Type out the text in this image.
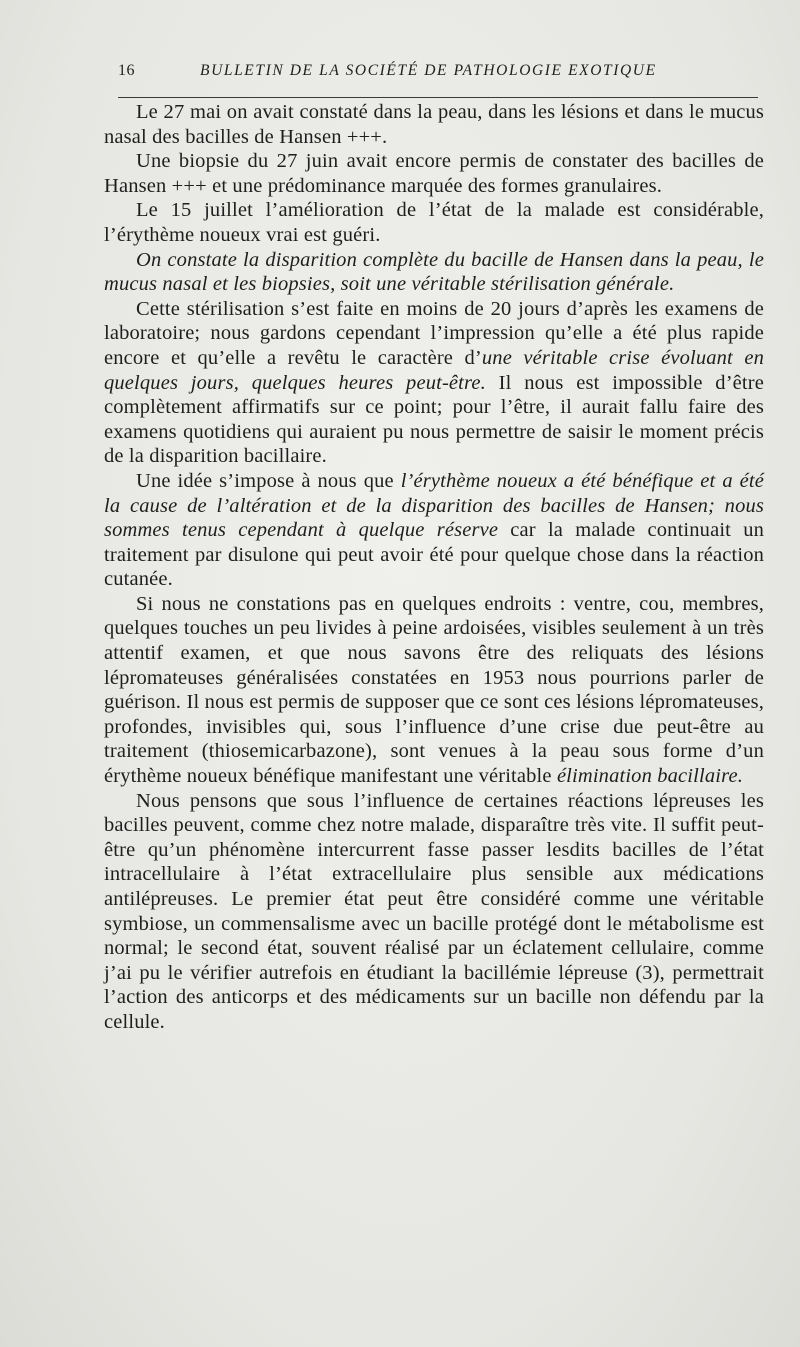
16	BULLETIN DE LA SOCIÉTÉ DE PATHOLOGIE EXOTIQUE

Le 27 mai on avait constaté dans la peau, dans les lésions et dans le mucus nasal des bacilles de Hansen +++.

Une biopsie du 27 juin avait encore permis de constater des bacilles de Hansen +++ et une prédominance marquée des formes granulaires.

Le 15 juillet l’amélioration de l’état de la malade est considérable, l’érythème noueux vrai est guéri.

On constate la disparition complète du bacille de Hansen dans la peau, le mucus nasal et les biopsies, soit une véritable stérilisation générale.

Cette stérilisation s’est faite en moins de 20 jours d’après les examens de laboratoire; nous gardons cependant l’impression qu’elle a été plus rapide encore et qu’elle a revêtu le caractère d’une véritable crise évoluant en quelques jours, quelques heures peut-être. Il nous est impossible d’être complètement affirmatifs sur ce point; pour l’être, il aurait fallu faire des examens quotidiens qui auraient pu nous permettre de saisir le moment précis de la disparition bacillaire.

Une idée s’impose à nous que l’érythème noueux a été bénéfique et a été la cause de l’altération et de la disparition des bacilles de Hansen; nous sommes tenus cependant à quelque réserve car la malade continuait un traitement par disulone qui peut avoir été pour quelque chose dans la réaction cutanée.

Si nous ne constations pas en quelques endroits : ventre, cou, membres, quelques touches un peu livides à peine ardoisées, visibles seulement à un très attentif examen, et que nous savons être des reliquats des lésions lépromateuses généralisées constatées en 1953 nous pourrions parler de guérison. Il nous est permis de supposer que ce sont ces lésions lépromateuses, profondes, invisibles qui, sous l’influence d’une crise due peut-être au traitement (thiosemicarbazone), sont venues à la peau sous forme d’un érythème noueux bénéfique manifestant une véritable élimination bacillaire.

Nous pensons que sous l’influence de certaines réactions lépreuses les bacilles peuvent, comme chez notre malade, disparaître très vite. Il suffit peut-être qu’un phénomène intercurrent fasse passer lesdits bacilles de l’état intracellulaire à l’état extracellulaire plus sensible aux médications antilépreuses. Le premier état peut être considéré comme une véritable symbiose, un commensalisme avec un bacille protégé dont le métabolisme est normal; le second état, souvent réalisé par un éclatement cellulaire, comme j’ai pu le vérifier autrefois en étudiant la bacillémie lépreuse (3), permettrait l’action des anticorps et des médicaments sur un bacille non défendu par la cellule.
